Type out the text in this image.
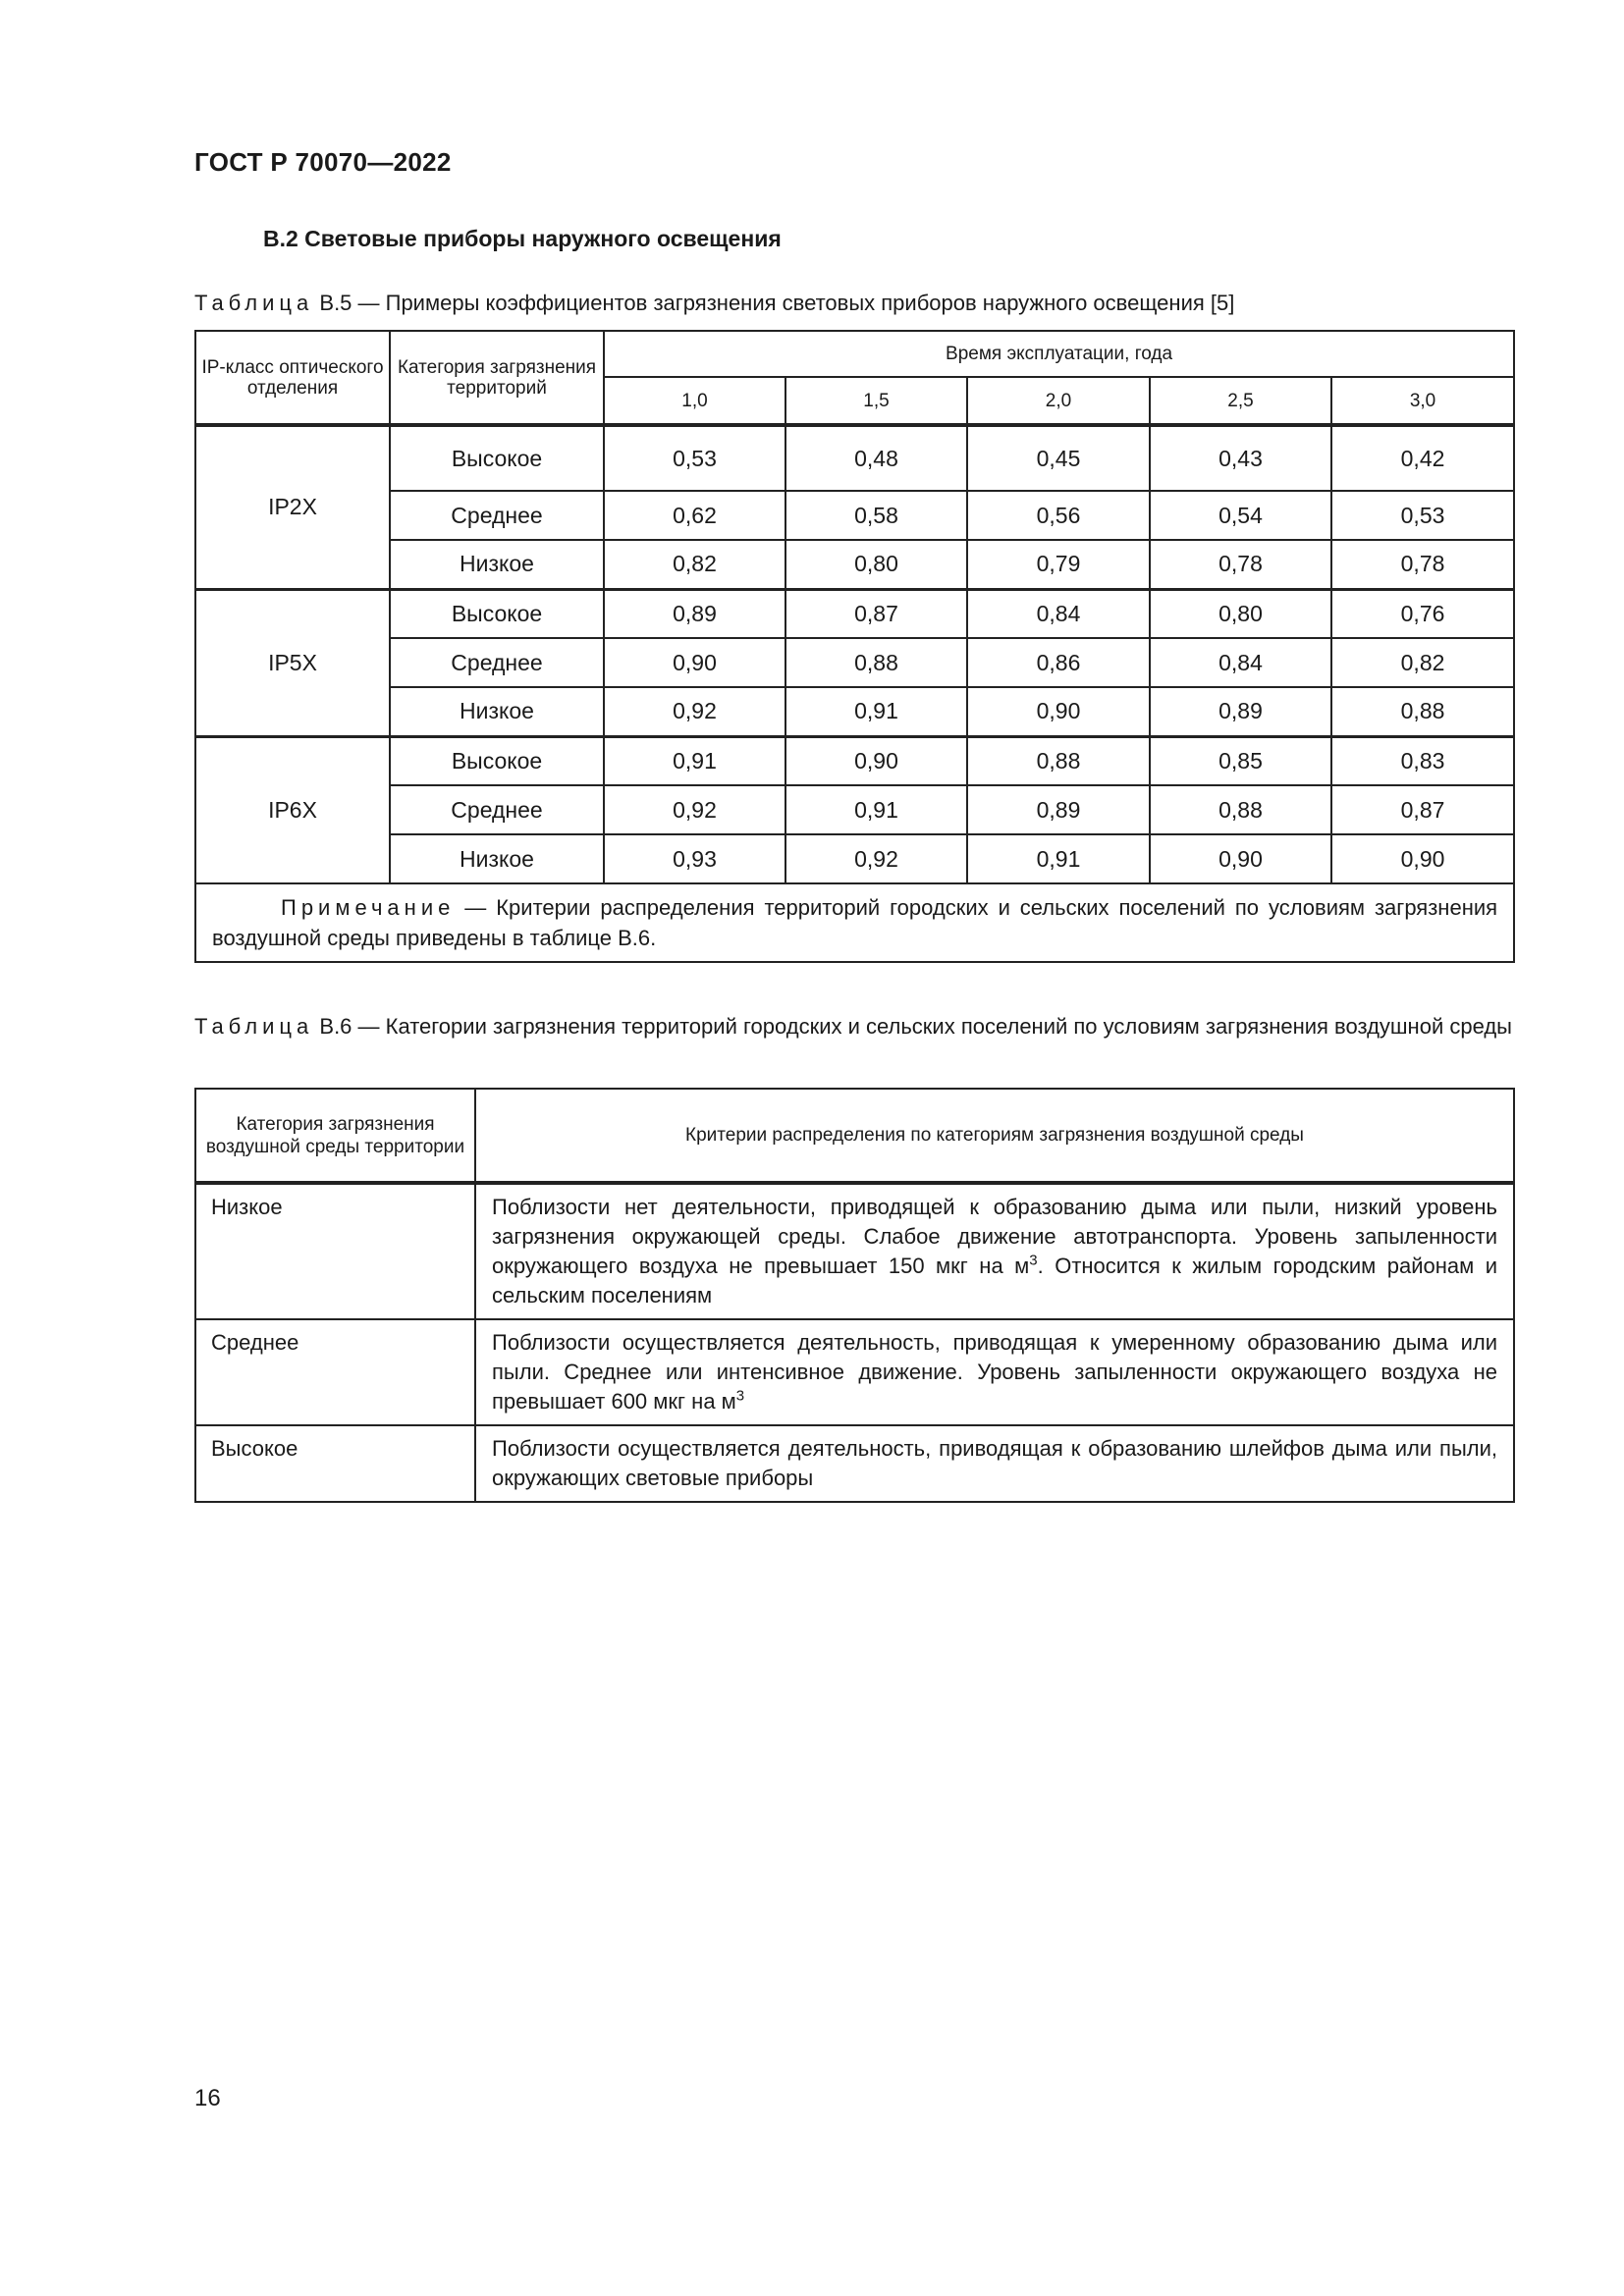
ГОСТ Р 70070—2022
В.2 Световые приборы наружного освещения
Таблица В.5 — Примеры коэффициентов загрязнения световых приборов наружного освещения [5]
IP-класс оптического отделения	Категория загрязнения территорий	Время эксплуатации, года				
		1,0	1,5	2,0	2,5	3,0
IP2X	Высокое	0,53	0,48	0,45	0,43	0,42
	Среднее	0,62	0,58	0,56	0,54	0,53
	Низкое	0,82	0,80	0,79	0,78	0,78
IP5X	Высокое	0,89	0,87	0,84	0,80	0,76
	Среднее	0,90	0,88	0,86	0,84	0,82
	Низкое	0,92	0,91	0,90	0,89	0,88
IP6X	Высокое	0,91	0,90	0,88	0,85	0,83
	Среднее	0,92	0,91	0,89	0,88	0,87
	Низкое	0,93	0,92	0,91	0,90	0,90
Примечание — Критерии распределения территорий городских и сельских поселений по условиям загрязнения воздушной среды приведены в таблице В.6.						
Таблица В.6 — Категории загрязнения территорий городских и сельских поселений по условиям загрязнения воздушной среды
Категория загрязнения воздушной среды территории	Критерии распределения по категориям загрязнения воздушной среды
Низкое	Поблизости нет деятельности, приводящей к образованию дыма или пыли, низкий уровень загрязнения окружающей среды. Слабое движение автотранспорта. Уровень запыленности окружающего воздуха не превышает 150 мкг на $м^3$. Относится к жилым городским районам и сельским поселениям
Среднее	Поблизости осуществляется деятельность, приводящая к умеренному образованию дыма или пыли. Среднее или интенсивное движение. Уровень запыленности окружающего воздуха не превышает 600 мкг на $м^3$
Высокое	Поблизости осуществляется деятельность, приводящая к образованию шлейфов дыма или пыли, окружающих световые приборы
16
